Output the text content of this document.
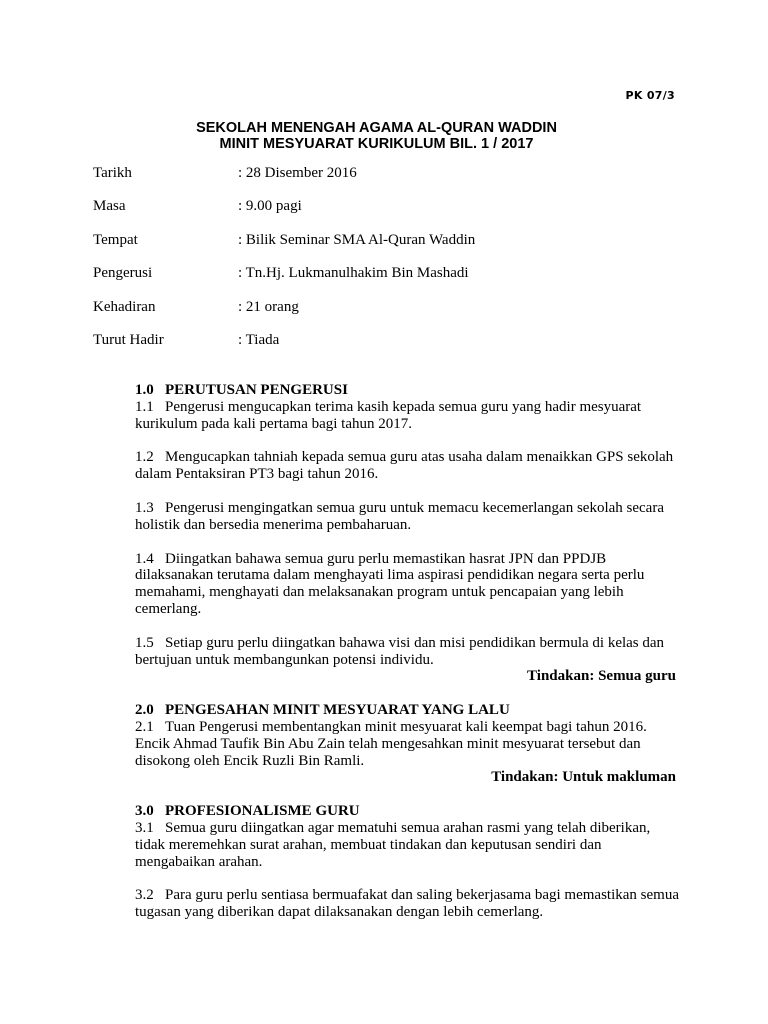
PK 07/3
SEKOLAH MENENGAH AGAMA AL-QURAN WADDIN
MINIT MESYUARAT KURIKULUM BIL. 1 / 2017
Tarikh	: 28 Disember 2016
Masa	: 9.00 pagi
Tempat	: Bilik Seminar SMA Al-Quran Waddin
Pengerusi	: Tn.Hj. Lukmanulhakim Bin Mashadi
Kehadiran	: 21 orang
Turut Hadir	: Tiada

1.0 PERUTUSAN PENGERUSI

1.1 Pengerusi mengucapkan terima kasih kepada semua guru yang hadir mesyuarat kurikulum pada kali pertama bagi tahun 2017.

1.2 Mengucapkan tahniah kepada semua guru atas usaha dalam menaikkan GPS sekolah dalam Pentaksiran PT3 bagi tahun 2016.

1.3 Pengerusi mengingatkan semua guru untuk memacu kecemerlangan sekolah secara holistik dan bersedia menerima pembaharuan.

1.4 Diingatkan bahawa semua guru perlu memastikan hasrat JPN dan PPDJB dilaksanakan terutama dalam menghayati lima aspirasi pendidikan negara serta perlu memahami, menghayati dan melaksanakan program untuk pencapaian yang lebih cemerlang.

1.5 Setiap guru perlu diingatkan bahawa visi dan misi pendidikan bermula di kelas dan bertujuan untuk membangunkan potensi individu.

Tindakan: Semua guru

2.0 PENGESAHAN MINIT MESYUARAT YANG LALU

2.1 Tuan Pengerusi membentangkan minit mesyuarat kali keempat bagi tahun 2016. Encik Ahmad Taufik Bin Abu Zain telah mengesahkan minit mesyuarat tersebut dan disokong oleh Encik Ruzli Bin Ramli.

Tindakan: Untuk makluman

3.0 PROFESIONALISME GURU

3.1 Semua guru diingatkan agar mematuhi semua arahan rasmi yang telah diberikan, tidak meremehkan surat arahan, membuat tindakan dan keputusan sendiri dan mengabaikan arahan.

3.2 Para guru perlu sentiasa bermuafakat dan saling bekerjasama bagi memastikan semua tugasan yang diberikan dapat dilaksanakan dengan lebih cemerlang.
